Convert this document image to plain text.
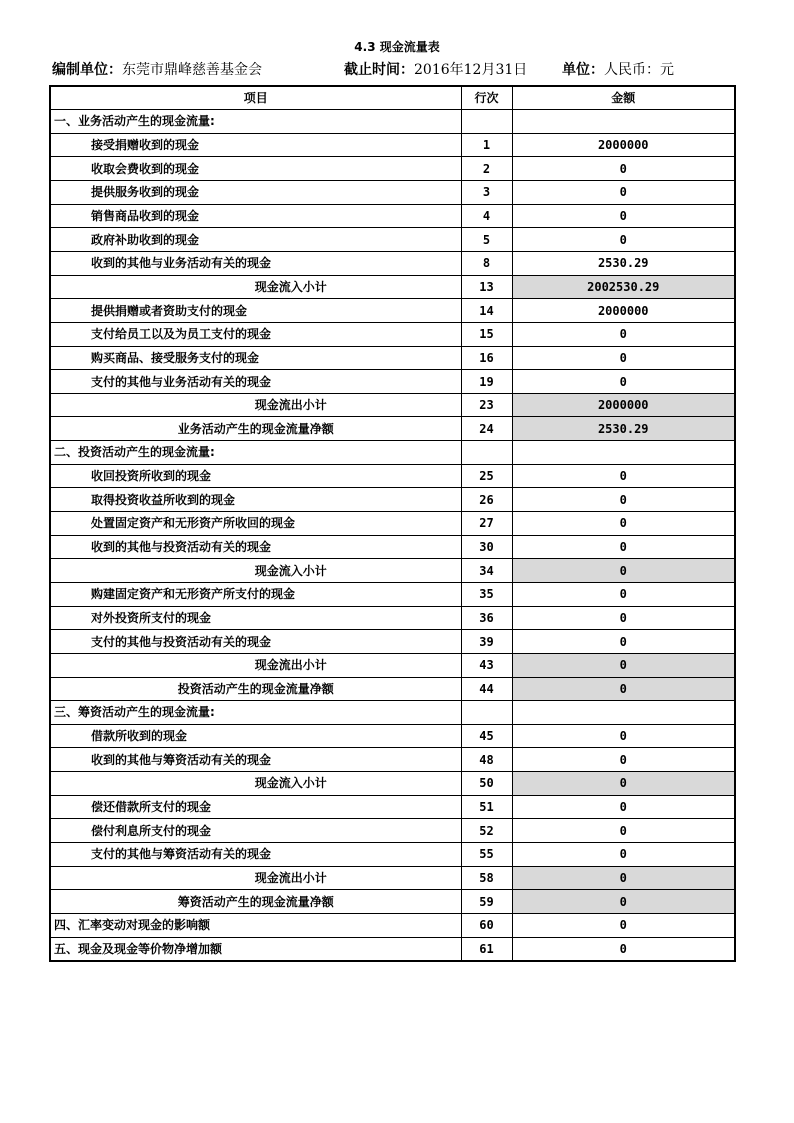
4.3 现金流量表
编制单位：东莞市鼎峰慈善基金会	截止时间：2016年12月31日 单位：人民币：元
项目	行次	金额
一、业务活动产生的现金流量:		
接受捐赠收到的现金	1	2000000
收取会费收到的现金	2	0
提供服务收到的现金	3	0
销售商品收到的现金	4	0
政府补助收到的现金	5	0
收到的其他与业务活动有关的现金	8	2530.29
现金流入小计	13	2002530.29
提供捐赠或者资助支付的现金	14	2000000
支付给员工以及为员工支付的现金	15	0
购买商品、接受服务支付的现金	16	0
支付的其他与业务活动有关的现金	19	0
现金流出小计	23	2000000
业务活动产生的现金流量净额	24	2530.29
二、投资活动产生的现金流量:		
收回投资所收到的现金	25	0
取得投资收益所收到的现金	26	0
处置固定资产和无形资产所收回的现金	27	0
收到的其他与投资活动有关的现金	30	0
现金流入小计	34	0
购建固定资产和无形资产所支付的现金	35	0
对外投资所支付的现金	36	0
支付的其他与投资活动有关的现金	39	0
现金流出小计	43	0
投资活动产生的现金流量净额	44	0
三、筹资活动产生的现金流量:		
借款所收到的现金	45	0
收到的其他与筹资活动有关的现金	48	0
现金流入小计	50	0
偿还借款所支付的现金	51	0
偿付利息所支付的现金	52	0
支付的其他与筹资活动有关的现金	55	0
现金流出小计	58	0
筹资活动产生的现金流量净额	59	0
四、汇率变动对现金的影响额	60	0
五、现金及现金等价物净增加额	61	0
